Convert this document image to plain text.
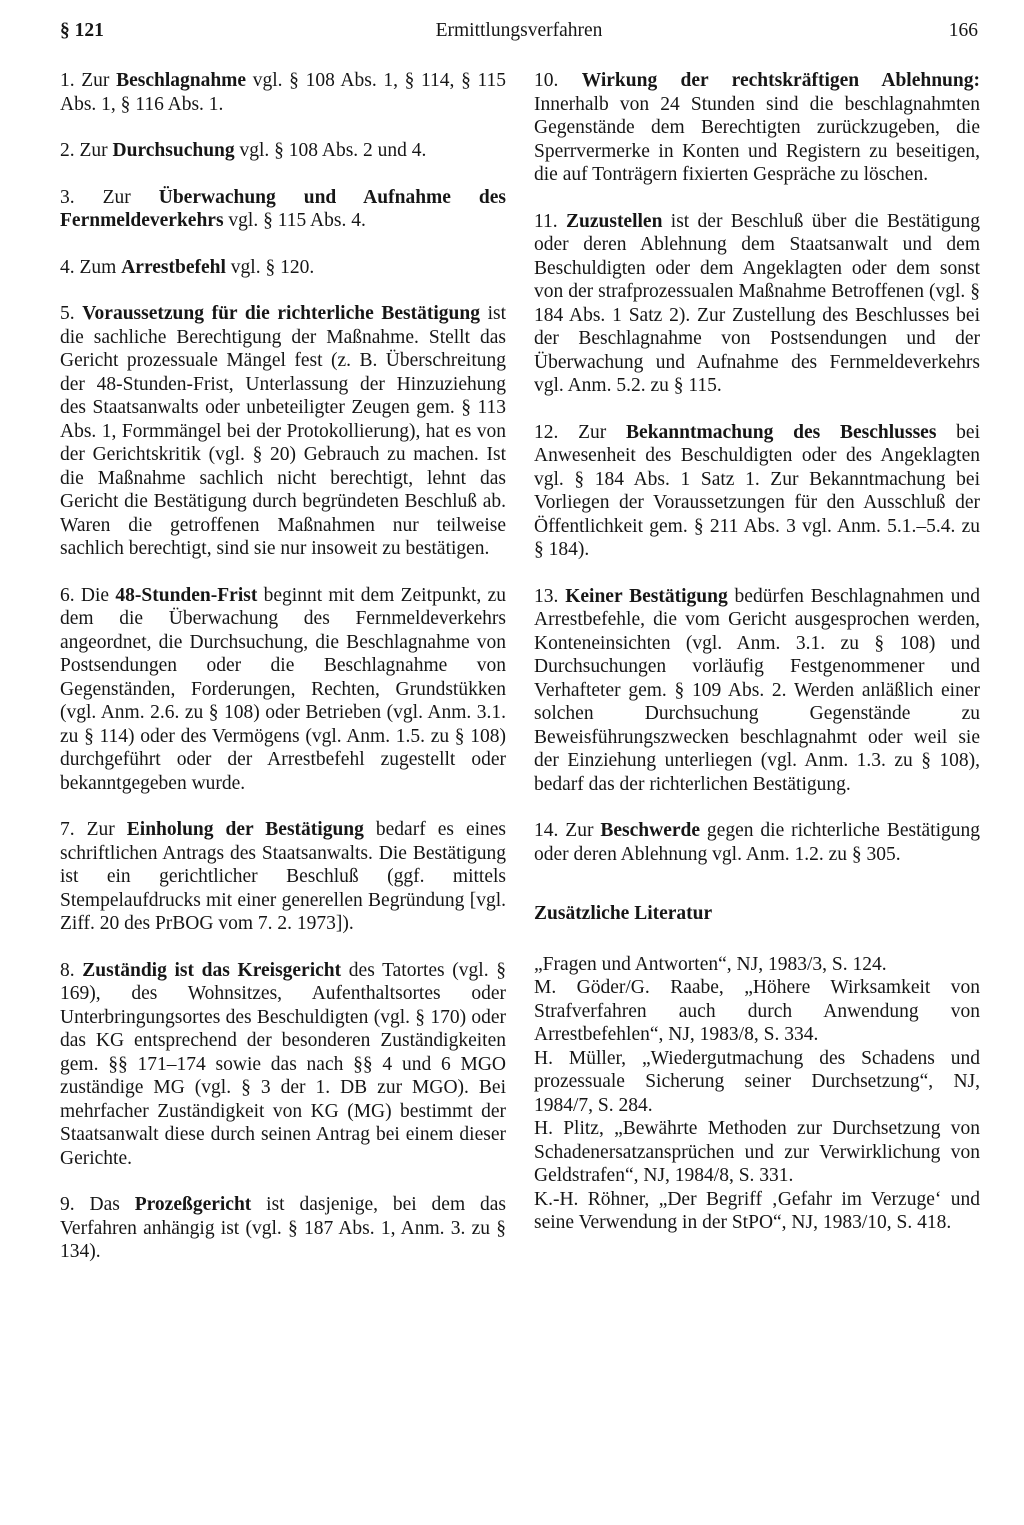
§ 121	Ermittlungsverfahren	166

1. Zur Beschlagnahme vgl. § 108 Abs. 1, § 114, § 115 Abs. 1, § 116 Abs. 1.

2. Zur Durchsuchung vgl. § 108 Abs. 2 und 4.

3. Zur Überwachung und Aufnahme des Fernmeldeverkehrs vgl. § 115 Abs. 4.

4. Zum Arrestbefehl vgl. § 120.

5. Voraussetzung für die richterliche Bestätigung ist die sachliche Berechtigung der Maßnahme. Stellt das Gericht prozessuale Mängel fest (z. B. Überschreitung der 48-Stunden-Frist, Unterlassung der Hinzuziehung des Staatsanwalts oder unbeteiligter Zeugen gem. § 113 Abs. 1, Formmängel bei der Protokollierung), hat es von der Gerichtskritik (vgl. § 20) Gebrauch zu machen. Ist die Maßnahme sachlich nicht berechtigt, lehnt das Gericht die Bestätigung durch begründeten Beschluß ab. Waren die getroffenen Maßnahmen nur teilweise sachlich berechtigt, sind sie nur insoweit zu bestätigen.

6. Die 48-Stunden-Frist beginnt mit dem Zeitpunkt, zu dem die Überwachung des Fernmeldeverkehrs angeordnet, die Durchsuchung, die Beschlagnahme von Postsendungen oder die Beschlagnahme von Gegenständen, Forderungen, Rechten, Grundstükken (vgl. Anm. 2.6. zu § 108) oder Betrieben (vgl. Anm. 3.1. zu § 114) oder des Vermögens (vgl. Anm. 1.5. zu § 108) durchgeführt oder der Arrestbefehl zugestellt oder bekanntgegeben wurde.

7. Zur Einholung der Bestätigung bedarf es eines schriftlichen Antrags des Staatsanwalts. Die Bestätigung ist ein gerichtlicher Beschluß (ggf. mittels Stempelaufdrucks mit einer generellen Begründung [vgl. Ziff. 20 des PrBOG vom 7. 2. 1973]).

8. Zuständig ist das Kreisgericht des Tatortes (vgl. § 169), des Wohnsitzes, Aufenthaltsortes oder Unterbringungsortes des Beschuldigten (vgl. § 170) oder das KG entsprechend der besonderen Zuständigkeiten gem. §§ 171–174 sowie das nach §§ 4 und 6 MGO zuständige MG (vgl. § 3 der 1. DB zur MGO). Bei mehrfacher Zuständigkeit von KG (MG) bestimmt der Staatsanwalt diese durch seinen Antrag bei einem dieser Gerichte.

9. Das Prozeßgericht ist dasjenige, bei dem das Verfahren anhängig ist (vgl. § 187 Abs. 1, Anm. 3. zu § 134).

10. Wirkung der rechtskräftigen Ablehnung: Innerhalb von 24 Stunden sind die beschlagnahmten Gegenstände dem Berechtigten zurückzugeben, die Sperrvermerke in Konten und Registern zu beseitigen, die auf Tonträgern fixierten Gespräche zu löschen.

11. Zuzustellen ist der Beschluß über die Bestätigung oder deren Ablehnung dem Staatsanwalt und dem Beschuldigten oder dem Angeklagten oder dem sonst von der strafprozessualen Maßnahme Betroffenen (vgl. § 184 Abs. 1 Satz 2). Zur Zustellung des Beschlusses bei der Beschlagnahme von Postsendungen und der Überwachung und Aufnahme des Fernmeldeverkehrs vgl. Anm. 5.2. zu § 115.

12. Zur Bekanntmachung des Beschlusses bei Anwesenheit des Beschuldigten oder des Angeklagten vgl. § 184 Abs. 1 Satz 1. Zur Bekanntmachung bei Vorliegen der Voraussetzungen für den Ausschluß der Öffentlichkeit gem. § 211 Abs. 3 vgl. Anm. 5.1.–5.4. zu § 184).

13. Keiner Bestätigung bedürfen Beschlagnahmen und Arrestbefehle, die vom Gericht ausgesprochen werden, Konteneinsichten (vgl. Anm. 3.1. zu § 108) und Durchsuchungen vorläufig Festgenommener und Verhafteter gem. § 109 Abs. 2. Werden anläßlich einer solchen Durchsuchung Gegenstände zu Beweisführungszwecken beschlagnahmt oder weil sie der Einziehung unterliegen (vgl. Anm. 1.3. zu § 108), bedarf das der richterlichen Bestätigung.

14. Zur Beschwerde gegen die richterliche Bestätigung oder deren Ablehnung vgl. Anm. 1.2. zu § 305.

Zusätzliche Literatur

„Fragen und Antworten“, NJ, 1983/3, S. 124.

M. Göder/G. Raabe, „Höhere Wirksamkeit von Strafverfahren auch durch Anwendung von Arrestbefehlen“, NJ, 1983/8, S. 334.

H. Müller, „Wiedergutmachung des Schadens und prozessuale Sicherung seiner Durchsetzung“, NJ, 1984/7, S. 284.

H. Plitz, „Bewährte Methoden zur Durchsetzung von Schadenersatzansprüchen und zur Verwirklichung von Geldstrafen“, NJ, 1984/8, S. 331.

K.-H. Röhner, „Der Begriff ‚Gefahr im Verzuge‘ und seine Verwendung in der StPO“, NJ, 1983/10, S. 418.
